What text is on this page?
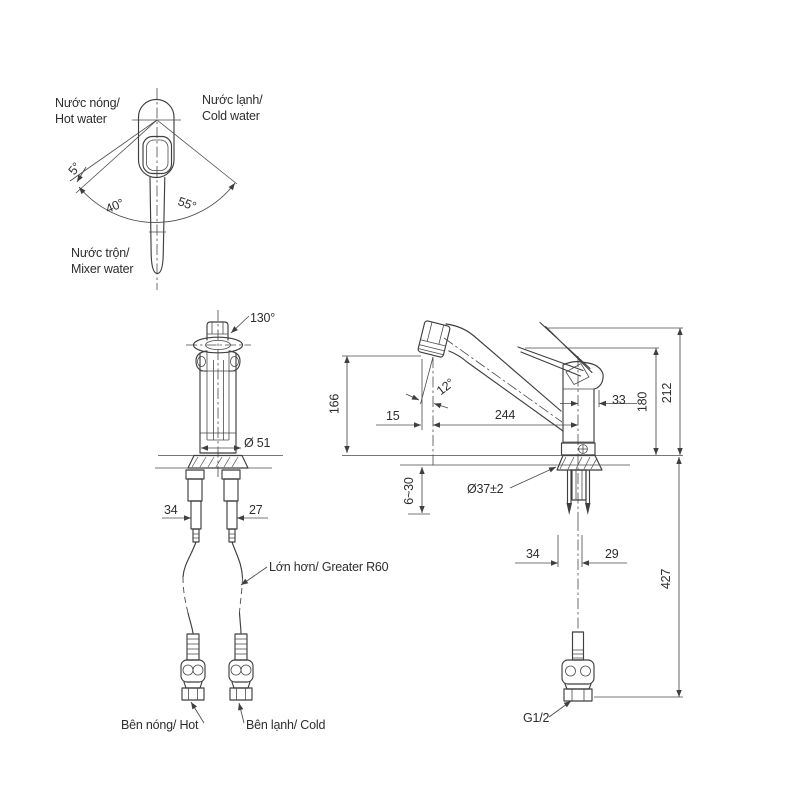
Nước nóng/
Hot water
Nước lạnh/
Cold water
Nước trộn/
Mixer water
5°
40°	55°
130°
Ø 51
34	27
Lớn hơn/ Greater R60
Bên nóng/ Hot	Bên lạnh/ Cold	G1/2
212
180
166
12°
15	244
33
6~30	Ø37±2
34	29
427
